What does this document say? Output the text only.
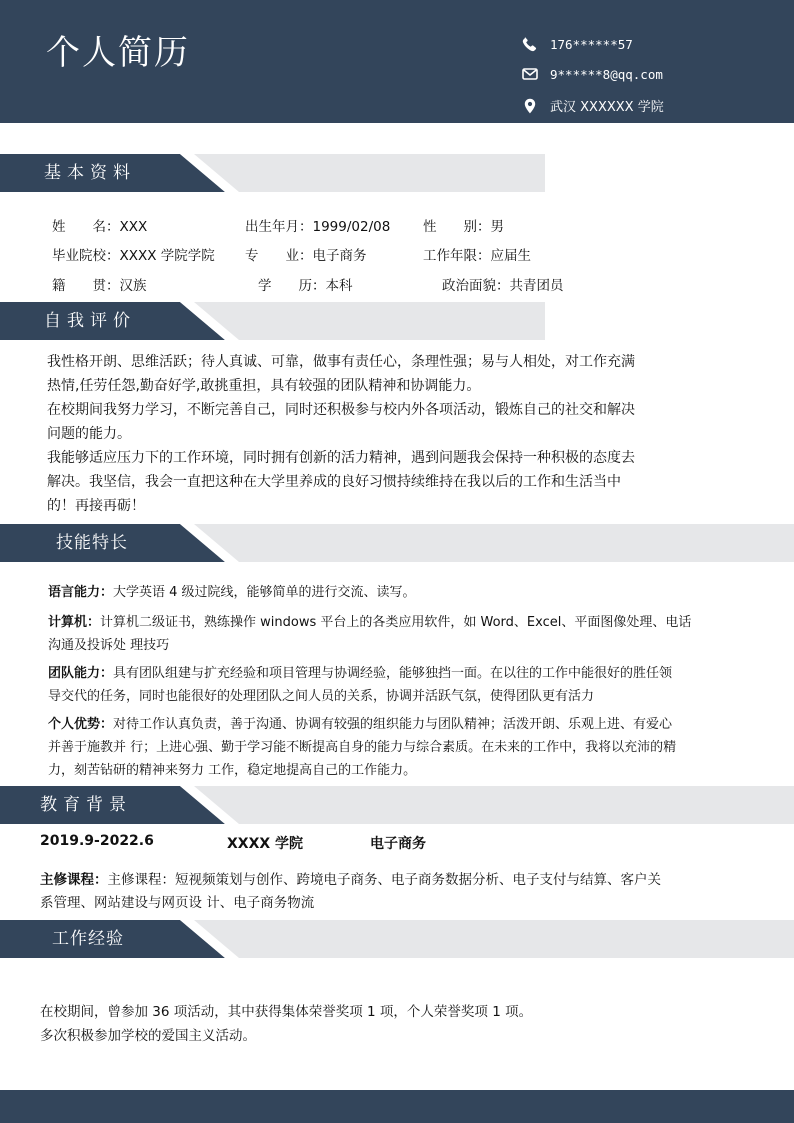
个人简历	176******57
9******8@qq.com
武汉 XXXXXX 学院
基本资料
姓　　名：XXX	出生年月：1999/02/08 性　　别：男
毕业院校：XXXX 学院学院 专　　业：电子商务	工作年限：应届生
籍　　贯：汉族	学　　历：本科	政治面貌：共青团员
自我评价
我性格开朗、思维活跃；待人真诚、可靠，做事有责任心，条理性强；易与人相处，对工作充满
热情,任劳任怨,勤奋好学,敢挑重担，具有较强的团队精神和协调能力。
在校期间我努力学习，不断完善自己，同时还积极参与校内外各项活动，锻炼自己的社交和解决
问题的能力。
我能够适应压力下的工作环境，同时拥有创新的活力精神，遇到问题我会保持一种积极的态度去
解决。我坚信，我会一直把这种在大学里养成的良好习惯持续维持在我以后的工作和生活当中
的！再接再砺！
技能特长
语言能力：大学英语 4 级过院线，能够简单的进行交流、读写。
计算机：计算机二级证书，熟练操作 windows 平台上的各类应用软件，如 Word、Excel、平面图像处理、电话
沟通及投诉处 理技巧
团队能力：具有团队组建与扩充经验和项目管理与协调经验，能够独挡一面。在以往的工作中能很好的胜任领
导交代的任务，同时也能很好的处理团队之间人员的关系，协调并活跃气氛，使得团队更有活力
个人优势：对待工作认真负责，善于沟通、协调有较强的组织能力与团队精神；活泼开朗、乐观上进、有爱心
并善于施教并 行；上进心强、勤于学习能不断提高自身的能力与综合素质。在未来的工作中，我将以充沛的精
力，刻苦钻研的精神来努力 工作，稳定地提高自己的工作能力。
教育背景
2019.9-2022.6	XXXX 学院	电子商务
主修课程：主修课程：短视频策划与创作、跨境电子商务、电子商务数据分析、电子支付与结算、客户关
系管理、网站建设与网页设 计、电子商务物流
工作经验
在校期间，曾参加 36 项活动，其中获得集体荣誉奖项 1 项，个人荣誉奖项 1 项。
多次积极参加学校的爱国主义活动。
